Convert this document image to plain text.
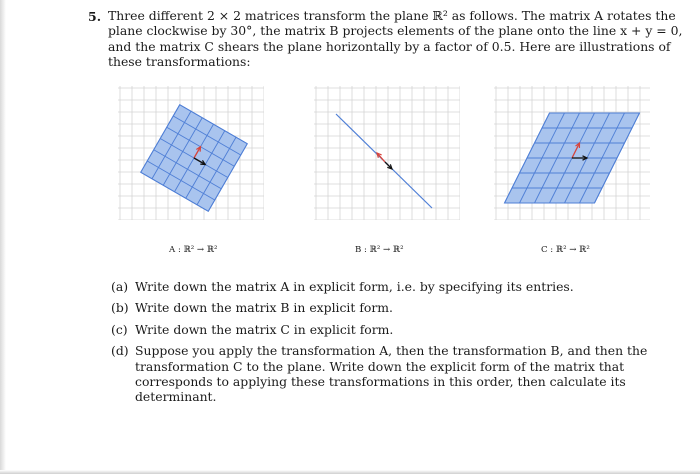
5. Three different 2 × 2 matrices transform the plane ℝ² as follows. The matrix A rotates the
plane clockwise by 30°, the matrix B projects elements of the plane onto the line x + y = 0,
and the matrix C shears the plane horizontally by a factor of 0.5. Here are illustrations of
these transformations:
A : ℝ² → ℝ²	B : ℝ² → ℝ²	C : ℝ² → ℝ²
(a) Write down the matrix A in explicit form, i.e. by specifying its entries.
(b) Write down the matrix B in explicit form.
(c) Write down the matrix C in explicit form.
(d) Suppose you apply the transformation A, then the transformation B, and then the
transformation C to the plane. Write down the explicit form of the matrix that
corresponds to applying these transformations in this order, then calculate its
determinant.
